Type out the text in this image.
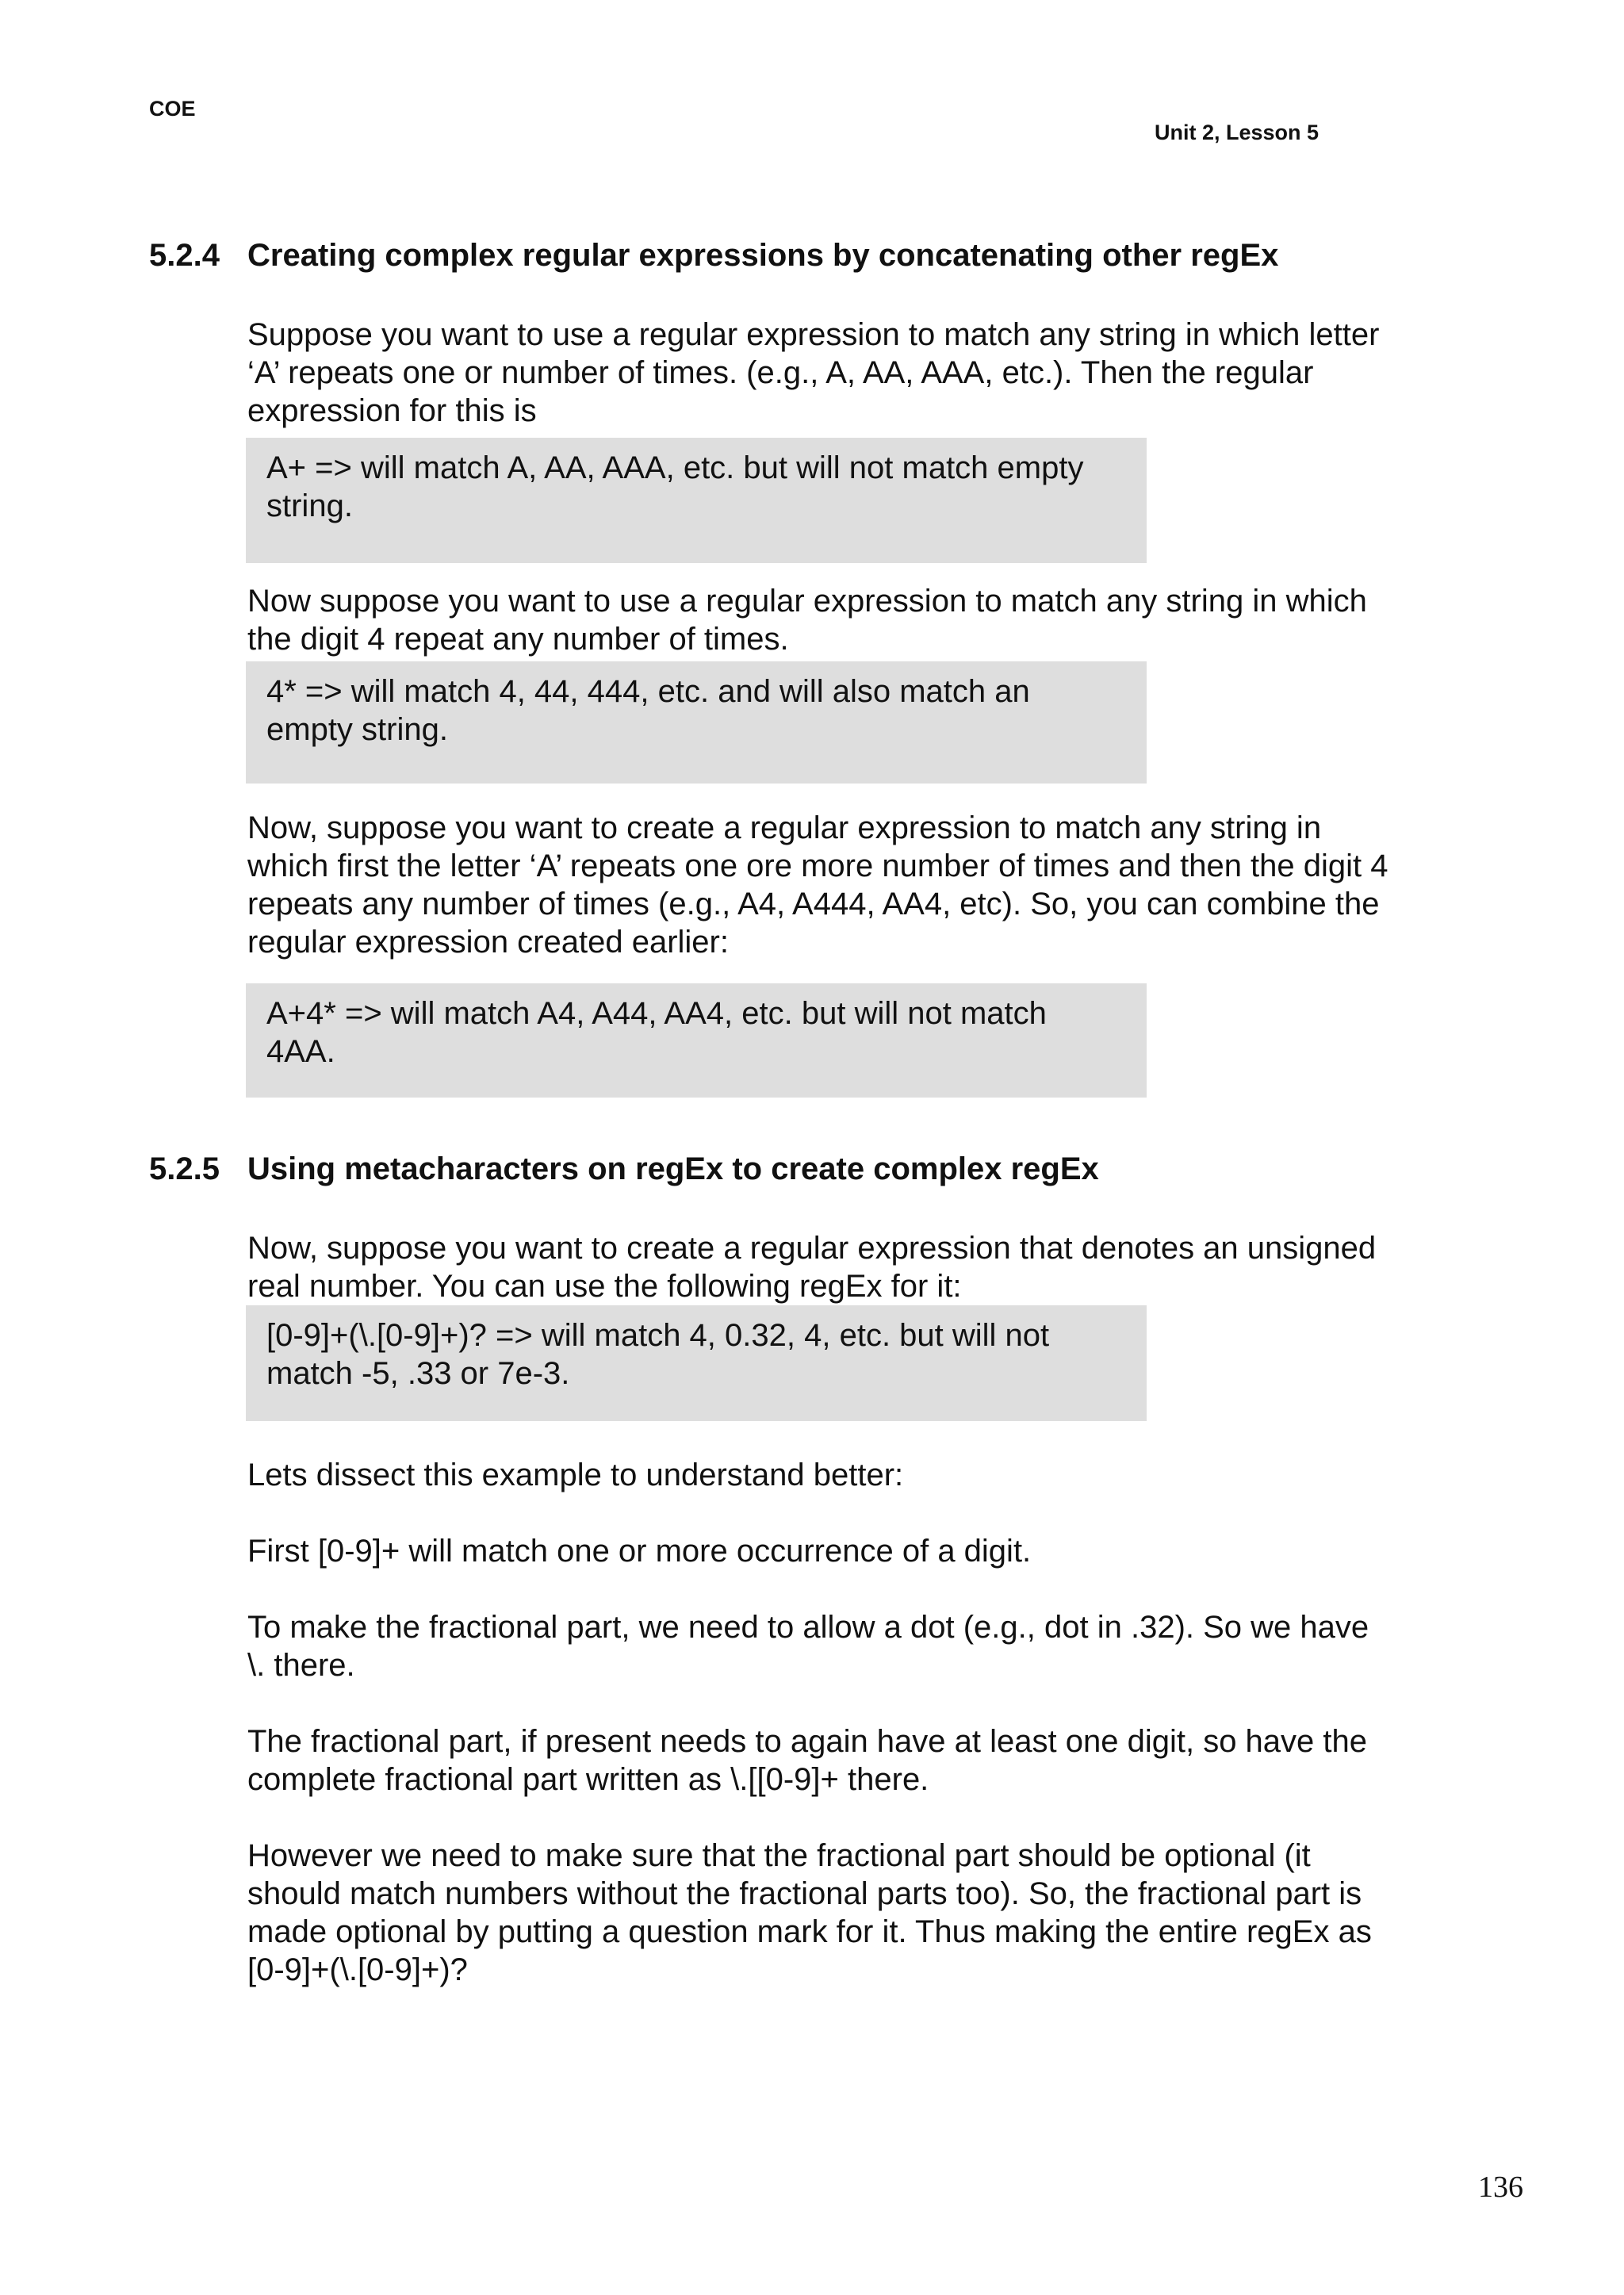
COE
Unit 2, Lesson 5
5.2.4 Creating complex regular expressions by concatenating other regEx

Suppose you want to use a regular expression to match any string in which letter ‘A’ repeats one or number of times. (e.g., A, AA, AAA, etc.). Then the regular expression for this is

A+ => will match A, AA, AAA, etc. but will not match empty string.

Now suppose you want to use a regular expression to match any string in which the digit 4 repeat any number of times.

4* => will match 4, 44, 444, etc. and will also match an empty string.

Now, suppose you want to create a regular expression to match any string in which first the letter ‘A’ repeats one ore more number of times and then the digit 4 repeats any number of times (e.g., A4, A444, AA4, etc). So, you can combine the regular expression created earlier:

A+4* => will match A4, A44, AA4, etc. but will not match 4AA.

5.2.5 Using metacharacters on regEx to create complex regEx

Now, suppose you want to create a regular expression that denotes an unsigned real number. You can use the following regEx for it:

[0-9]+(\.[0-9]+)? => will match 4, 0.32, 4, etc. but will not match -5, .33 or 7e-3.

Lets dissect this example to understand better:

First [0-9]+ will match one or more occurrence of a digit.

To make the fractional part, we need to allow a dot (e.g., dot in .32). So we have \. there.

The fractional part, if present needs to again have at least one digit, so have the complete fractional part written as \.[[0-9]+ there.

However we need to make sure that the fractional part should be optional (it should match numbers without the fractional parts too). So, the fractional part is made optional by putting a question mark for it. Thus making the entire regEx as [0-9]+(\.[0-9]+)?

136
